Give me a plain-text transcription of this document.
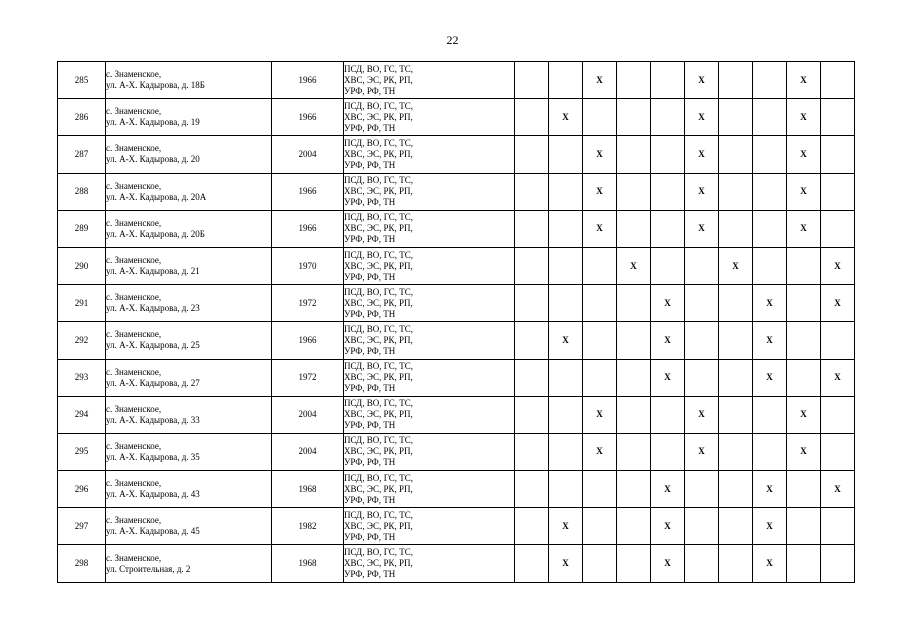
22
285	с. Знаменское,
ул. А-Х. Кадырова, д. 18Б	1966	ПСД, ВО, ГС, ТС,
ХВС, ЭС, РК, РП,
УРФ, РФ, ТН			X			X			X	
286	с. Знаменское,
ул. А-Х. Кадырова, д. 19	1966	ПСД, ВО, ГС, ТС,
ХВС, ЭС, РК, РП,
УРФ, РФ, ТН		X				X			X	
287	с. Знаменское,
ул. А-Х. Кадырова, д. 20	2004	ПСД, ВО, ГС, ТС,
ХВС, ЭС, РК, РП,
УРФ, РФ, ТН			X			X			X	
288	с. Знаменское,
ул. А-Х. Кадырова, д. 20А	1966	ПСД, ВО, ГС, ТС,
ХВС, ЭС, РК, РП,
УРФ, РФ, ТН			X			X			X	
289	с. Знаменское,
ул. А-Х. Кадырова, д. 20Б	1966	ПСД, ВО, ГС, ТС,
ХВС, ЭС, РК, РП,
УРФ, РФ, ТН			X			X			X	
290	с. Знаменское,
ул. А-Х. Кадырова, д. 21	1970	ПСД, ВО, ГС, ТС,
ХВС, ЭС, РК, РП,
УРФ, РФ, ТН				X			X			X
291	с. Знаменское,
ул. А-Х. Кадырова, д. 23	1972	ПСД, ВО, ГС, ТС,
ХВС, ЭС, РК, РП,
УРФ, РФ, ТН					X			X		X
292	с. Знаменское,
ул. А-Х. Кадырова, д. 25	1966	ПСД, ВО, ГС, ТС,
ХВС, ЭС, РК, РП,
УРФ, РФ, ТН		X			X			X		
293	с. Знаменское,
ул. А-Х. Кадырова, д. 27	1972	ПСД, ВО, ГС, ТС,
ХВС, ЭС, РК, РП,
УРФ, РФ, ТН					X			X		X
294	с. Знаменское,
ул. А-Х. Кадырова, д. 33	2004	ПСД, ВО, ГС, ТС,
ХВС, ЭС, РК, РП,
УРФ, РФ, ТН			X			X			X	
295	с. Знаменское,
ул. А-Х. Кадырова, д. 35	2004	ПСД, ВО, ГС, ТС,
ХВС, ЭС, РК, РП,
УРФ, РФ, ТН			X			X			X	
296	с. Знаменское,
ул. А-Х. Кадырова, д. 43	1968	ПСД, ВО, ГС, ТС,
ХВС, ЭС, РК, РП,
УРФ, РФ, ТН					X			X		X
297	с. Знаменское,
ул. А-Х. Кадырова, д. 45	1982	ПСД, ВО, ГС, ТС,
ХВС, ЭС, РК, РП,
УРФ, РФ, ТН		X			X			X		
298	с. Знаменское,
ул. Строительная, д. 2	1968	ПСД, ВО, ГС, ТС,
ХВС, ЭС, РК, РП,
УРФ, РФ, ТН		X			X			X		
